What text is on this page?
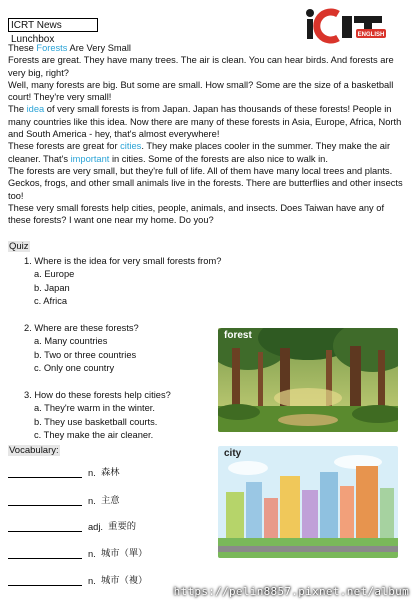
ICRT News Lunchbox	ENGLISH

These Forests Are Very Small

Forests are great. They have many trees. The air is clean. You can hear birds. And forests are very big, right?

Well, many forests are big. But some are small. How small? Some are the size of a basketball court! They're very small!

The idea of very small forests is from Japan. Japan has thousands of these forests! People in many countries like this idea. Now there are many of these forests in Asia, Europe, Africa, North and South America - hey, that's almost everywhere!

These forests are great for cities. They make places cooler in the summer. They make the air cleaner. That's important in cities. Some of the forests are also nice to walk in.

The forests are very small, but they're full of life. All of them have many local trees and plants. Geckos, frogs, and other small animals live in the forests. There are butterflies and other insects too!

These very small forests help cities, people, animals, and insects. Does Taiwan have any of these forests? I want one near my home. Do you?

Quiz
1. Where is the idea for very small forests from?
a. Europe
b. Japan
c. Africa
2. Where are these forests?
a. Many countries
b. Two or three countries
c. Only one country
3. How do these forests help cities?
a. They're warm in the winter.
b. They use basketball courts.
c. They make the air cleaner.
Vocabulary:
n.
森林
n.
主意
adj.
重要的
n.
城市（單）
n.
城市（複）
forest
city
https://pelin8857.pixnet.net/album
